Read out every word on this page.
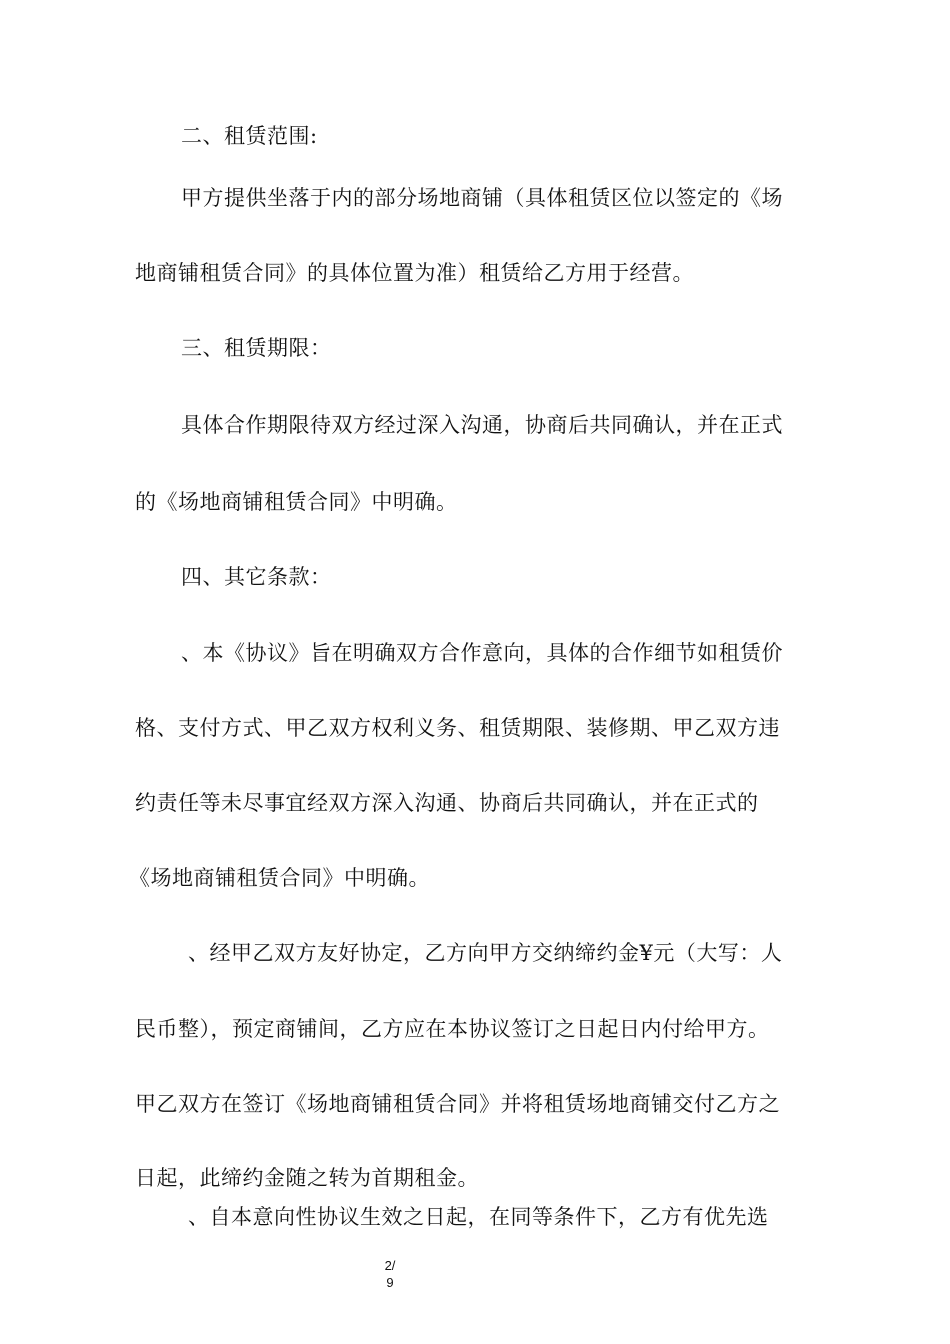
二、租赁范围:
甲方提供坐落于内的部分场地商铺（具体租赁区位以签定的《场
地商铺租赁合同》的具体位置为准）租赁给乙方用于经营。
三、租赁期限：
具体合作期限待双方经过深入沟通，协商后共同确认，并在正式
的《场地商铺租赁合同》中明确。
四、其它条款：
、本《协议》旨在明确双方合作意向，具体的合作细节如租赁价
格、支付方式、甲乙双方权利义务、租赁期限、装修期、甲乙双方违
约责任等未尽事宜经双方深入沟通、协商后共同确认，并在正式的
《场地商铺租赁合同》中明确。
、经甲乙双方友好协定，乙方向甲方交纳缔约金¥元（大写：人
民币整），预定商铺间，乙方应在本协议签订之日起日内付给甲方。
甲乙双方在签订《场地商铺租赁合同》并将租赁场地商铺交付乙方之
日起，此缔约金随之转为首期租金。
、自本意向性协议生效之日起，在同等条件下，乙方有优先选
2/
9
